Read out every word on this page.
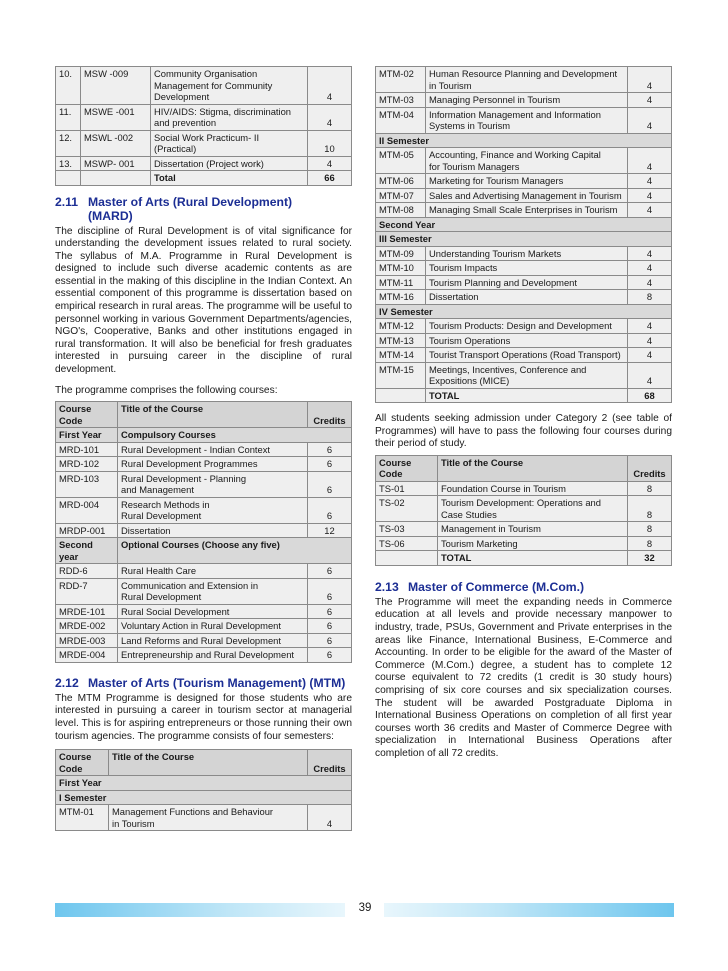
10.	MSW -009	Community Organisation
Management for Community
Development	4
11.	MSWE -001	HIV/AIDS: Stigma, discrimination
and prevention	4
12.	MSWL -002	Social Work Practicum- II
(Practical)	10
13.	MSWP- 001	Dissertation (Project work)	4
		Total	66
2.11 Master of Arts (Rural Development)
(MARD)

The discipline of Rural Development is of vital significance for understanding the development issues related to rural society. The syllabus of M.A. Programme in Rural Development is designed to include such diverse academic contents as are essential in the making of this discipline in the Indian Context. An essential component of this programme is dissertation based on empirical research in rural areas. The programme will be useful to personnel working in various Government Departments/agencies, NGO's, Cooperative, Banks and other institutions engaged in rural transformation. It will also be beneficial for fresh graduates interested in pursuing career in the discipline of rural development.

The programme comprises the following courses:

Course Code	Title of the Course	Credits
First Year	Compulsory Courses	
MRD-101	Rural Development - Indian Context	6
MRD-102	Rural Development Programmes	6
MRD-103	Rural Development - Planning
and Management	6
MRD-004	Research Methods in
Rural Development	6
MRDP-001	Dissertation	12
Second year	Optional Courses (Choose any five)	
RDD-6	Rural Health Care	6
RDD-7	Communication and Extension in
Rural Development	6
MRDE-101	Rural Social Development	6
MRDE-002	Voluntary Action in Rural Development	6
MRDE-003	Land Reforms and Rural Development	6
MRDE-004	Entrepreneurship and Rural Development	6
2.12 Master of Arts (Tourism Management) (MTM)

The MTM Programme is designed for those students who are interested in pursuing a career in tourism sector at managerial level. This is for aspiring entrepreneurs or those running their own tourism agencies. The programme consists of four semesters:

Course Code	Title of the Course	Credits
First Year		
I Semester		
MTM-01	Management Functions and Behaviour
in Tourism	4
MTM-02	Human Resource Planning and Development
in Tourism	4
MTM-03	Managing Personnel in Tourism	4
MTM-04	Information Management and Information
Systems in Tourism	4
II Semester		
MTM-05	Accounting, Finance and Working Capital
for Tourism Managers	4
MTM-06	Marketing for Tourism Managers	4
MTM-07	Sales and Advertising Management in Tourism	4
MTM-08	Managing Small Scale Enterprises in Tourism	4
Second Year		
III Semester		
MTM-09	Understanding Tourism Markets	4
MTM-10	Tourism Impacts	4
MTM-11	Tourism Planning and Development	4
MTM-16	Dissertation	8
IV Semester		
MTM-12	Tourism Products: Design and Development	4
MTM-13	Tourism Operations	4
MTM-14	Tourist Transport Operations (Road Transport)	4
MTM-15	Meetings, Incentives, Conference and
Expositions (MICE)	4
	TOTAL	68

All students seeking admission under Category 2 (see table of Programmes) will have to pass the following four courses during their period of study.

Course Code	Title of the Course	Credits
TS-01	Foundation Course in Tourism	8
TS-02	Tourism Development: Operations and
Case Studies	8
TS-03	Management in Tourism	8
TS-06	Tourism Marketing	8
	TOTAL	32
2.13 Master of Commerce (M.Com.)

The Programme will meet the expanding needs in Commerce education at all levels and provide necessary manpower to industry, trade, PSUs, Government and Private enterprises in the areas like Finance, International Business, E-Commerce and Accounting. In order to be eligible for the award of the Master of Commerce (M.Com.) degree, a student has to complete 12 course equivalent to 72 credits (1 credit is 30 study hours) comprising of six core courses and six specialization courses. The student will be awarded Postgraduate Diploma in International Business Operations on completion of all first year courses worth 36 credits and Master of Commerce Degree with specialization in International Business Operations after completion of all 72 credits.

39
